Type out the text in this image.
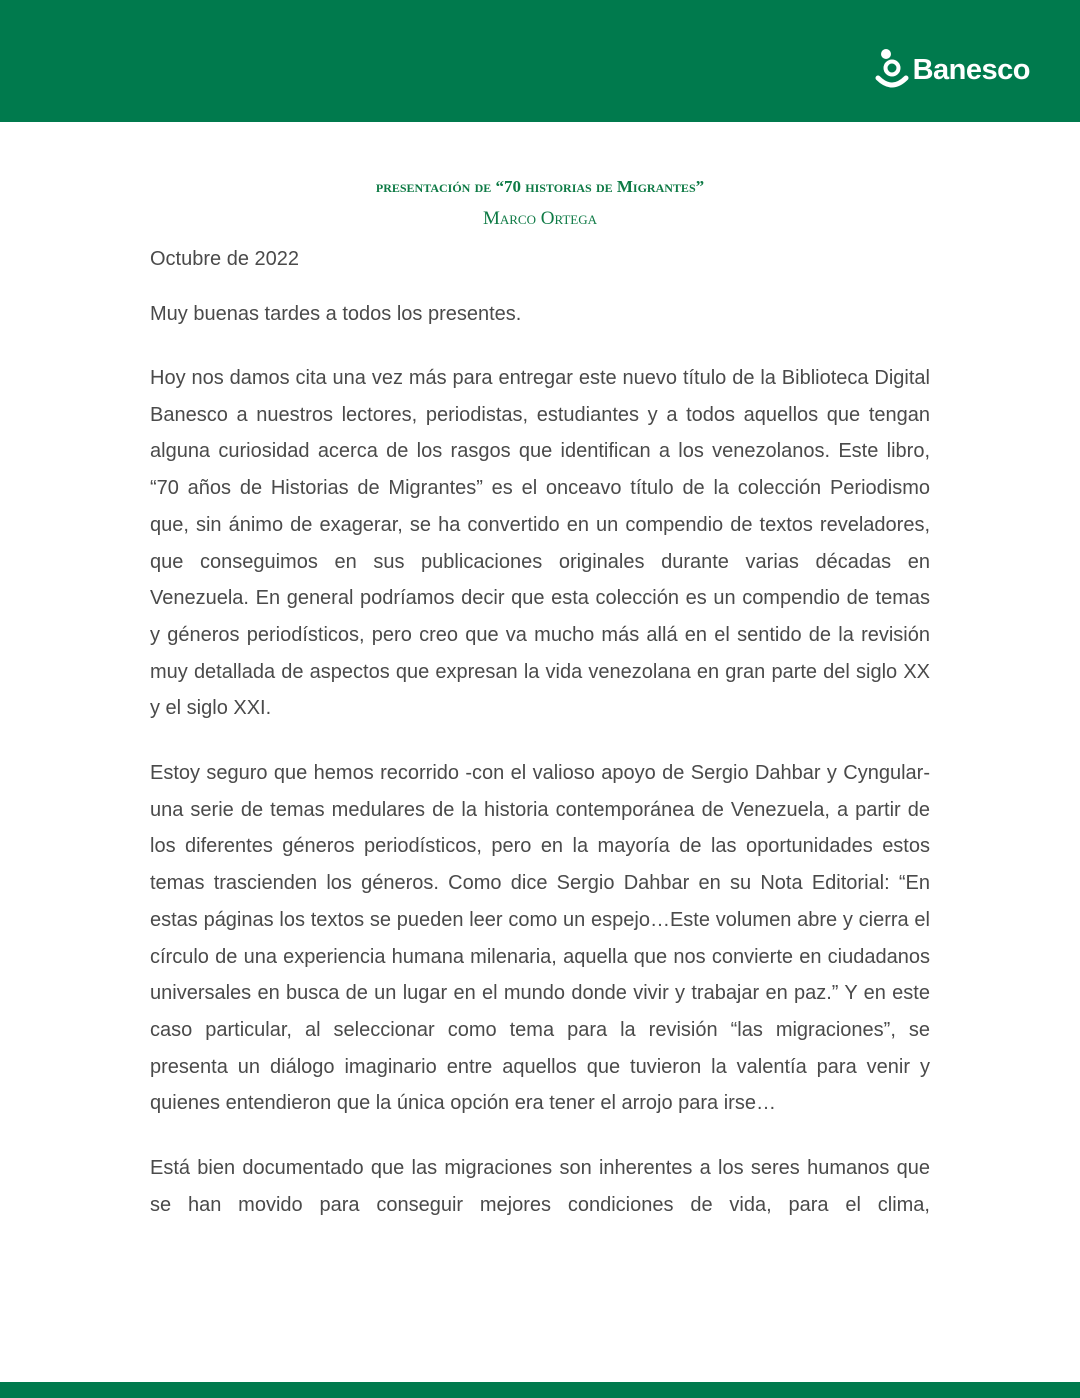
Banesco

presentación de “70 historias de Migrantes”

Marco Ortega

Octubre de 2022

Muy buenas tardes a todos los presentes.

Hoy nos damos cita una vez más para entregar este nuevo título de la Biblioteca Digital Banesco a nuestros lectores, periodistas, estudiantes y a todos aquellos que tengan alguna curiosidad acerca de los rasgos que identifican a los venezolanos. Este libro, “70 años de Historias de Migrantes” es el onceavo título de la colección Periodismo que, sin ánimo de exagerar, se ha convertido en un compendio de textos reveladores, que conseguimos en sus publicaciones originales durante varias décadas en Venezuela. En general podríamos decir que esta colección es un compendio de temas y géneros periodísticos, pero creo que va mucho más allá en el sentido de la revisión muy detallada de aspectos que expresan la vida venezolana en gran parte del siglo XX y el siglo XXI.

Estoy seguro que hemos recorrido -con el valioso apoyo de Sergio Dahbar y Cyngular- una serie de temas medulares de la historia contemporánea de Venezuela, a partir de los diferentes géneros periodísticos, pero en la mayoría de las oportunidades estos temas trascienden los géneros. Como dice Sergio Dahbar en su Nota Editorial: “En estas páginas los textos se pueden leer como un espejo…Este volumen abre y cierra el círculo de una experiencia humana milenaria, aquella que nos convierte en ciudadanos universales en busca de un lugar en el mundo donde vivir y trabajar en paz.” Y en este caso particular, al seleccionar como tema para la revisión “las migraciones”, se presenta un diálogo imaginario entre aquellos que tuvieron la valentía para venir y quienes entendieron que la única opción era tener el arrojo para irse…

Está bien documentado que las migraciones son inherentes a los seres humanos que se han movido para conseguir mejores condiciones de vida, para el clima,
